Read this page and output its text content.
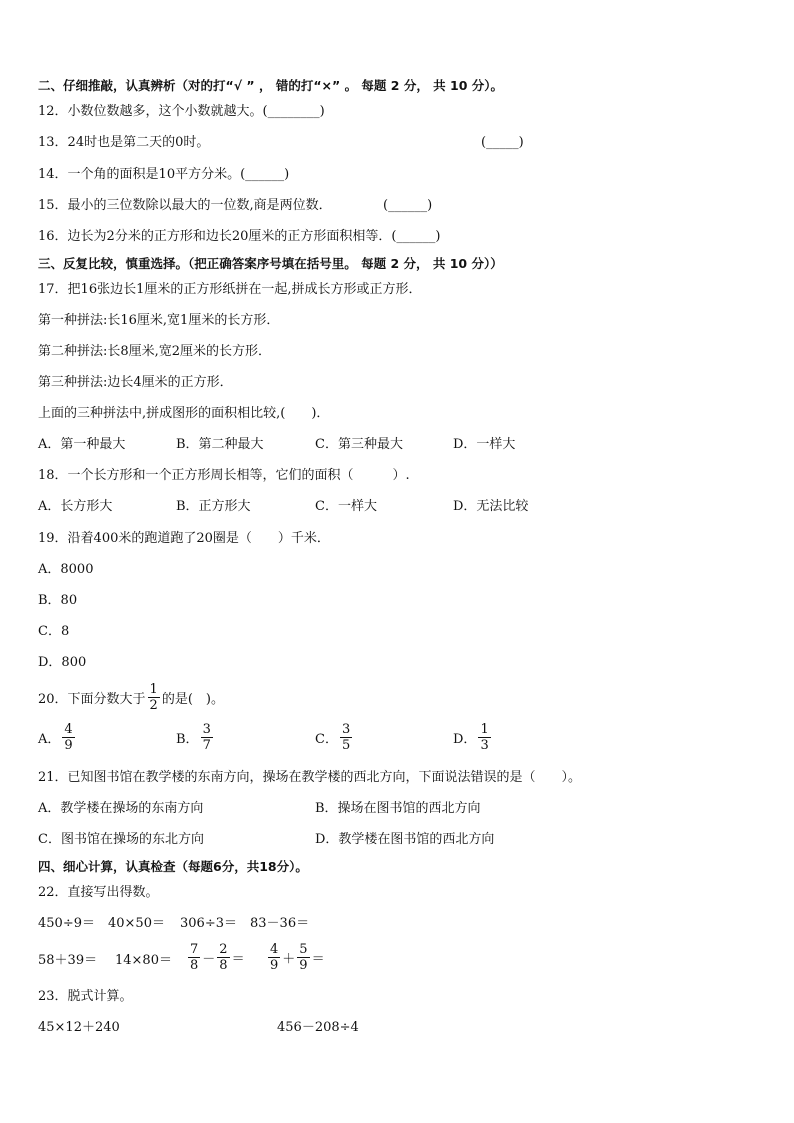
二、仔细推敲，认真辨析（对的打“√ ” ， 错的打“×” 。 每题 2 分， 共 10 分）。
12．小数位数越多，这个小数就越大。(________)
13．24时也是第二天的0时。	(_____)
14．一个角的面积是10平方分米。(______)
15．最小的三位数除以最大的一位数,商是两位数．	(______)
16．边长为2分米的正方形和边长20厘米的正方形面积相等．(______)
三、反复比较，慎重选择。（把正确答案序号填在括号里。 每题 2 分， 共 10 分））
17．把16张边长1厘米的正方形纸拼在一起,拼成长方形或正方形．
第一种拼法:长16厘米,宽1厘米的长方形．
第二种拼法:长8厘米,宽2厘米的长方形．
第三种拼法:边长4厘米的正方形．
上面的三种拼法中,拼成图形的面积相比较,(　　)．
A．第一种最大	B．第二种最大	C．第三种最大	D．一样大
18．一个长方形和一个正方形周长相等，它们的面积（　　　）.
A．长方形大	B．正方形大	C．一样大	D．无法比较
19．沿着400米的跑道跑了20圈是（　　）千米．
A．8000
B．80
C．8
D．800
20．下面分数大于 $\frac{1}{2}$ 的是(　)。
A． $\frac{4}{9}$	B． $\frac{3}{7}$	C． $\frac{3}{5}$	D． $\frac{1}{3}$
21．已知图书馆在教学楼的东南方向，操场在教学楼的西北方向，下面说法错误的是（　　）。
A．教学楼在操场的东南方向	B．操场在图书馆的西北方向
C．图书馆在操场的东北方向	D．教学楼在图书馆的西北方向
四、细心计算，认真检查（每题6分，共18分）。
22．直接写出得数。
450÷9＝ 40×50＝ 306÷3＝ 83－36＝
$58+39= 14\times 80= \frac{7}{8} - \frac{2}{8} = \frac{4}{9} + \frac{5}{9}$ ＝
23．脱式计算。
45×12＋240	456－208÷4
